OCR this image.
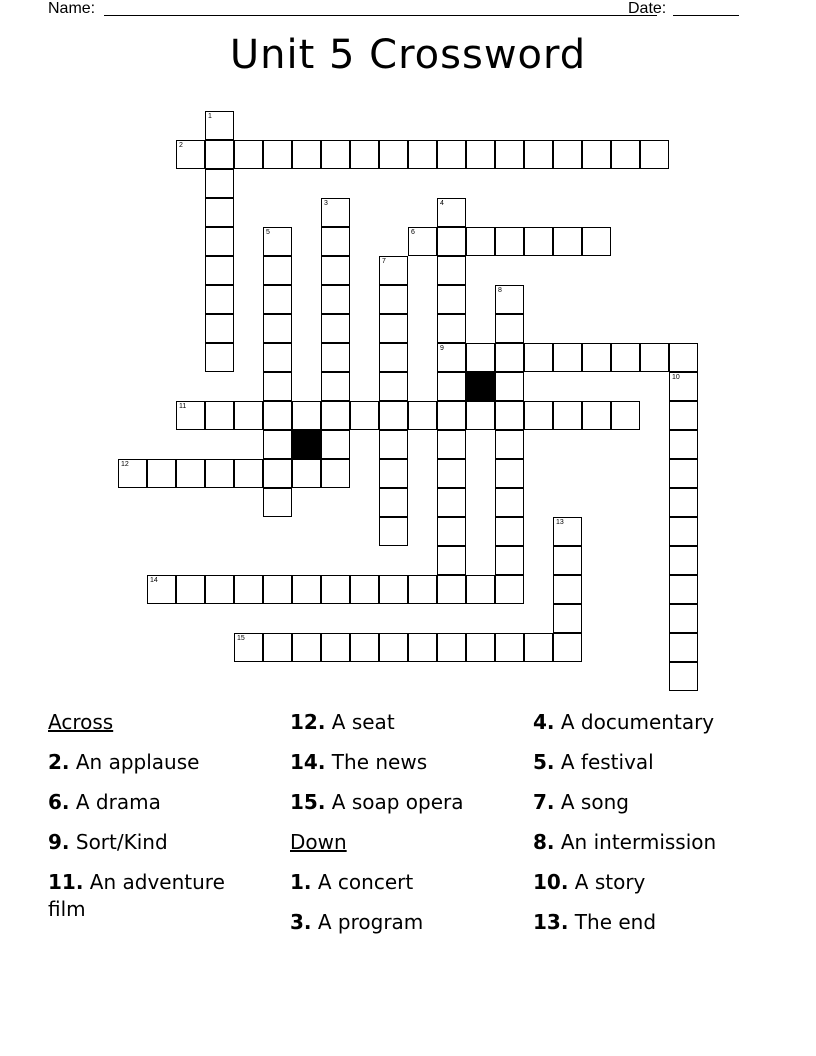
Name:	Date:
Unit 5 Crossword
1
2
3	4
9
5	6
7
8
10
11
12
13
14
15
Across
2. An applause
6. A drama
9. Sort/Kind
11. An adventure film
12. A seat
14. The news
15. A soap opera
Down
1. A concert
3. A program
4. A documentary
5. A festival
7. A song
8. An intermission
10. A story
13. The end
